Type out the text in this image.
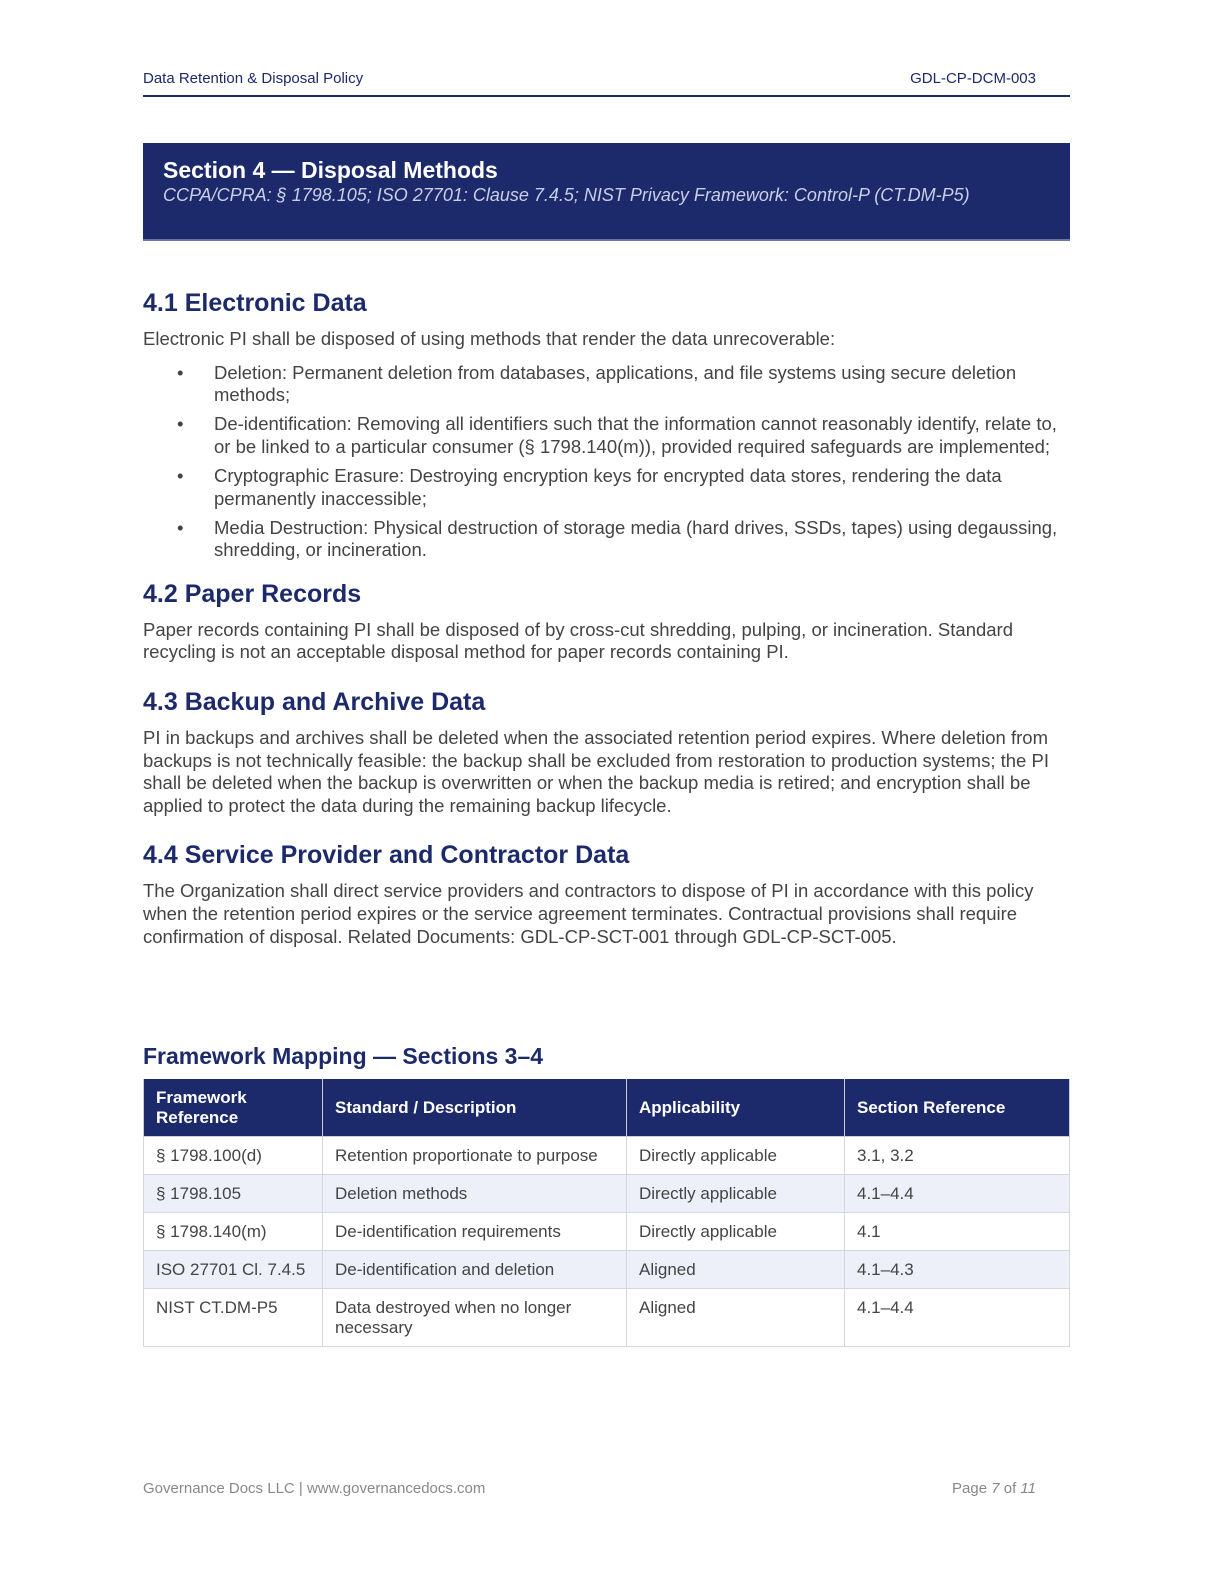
Data Retention & Disposal Policy	GDL-CP-DCM-003
Section 4 — Disposal Methods
CCPA/CPRA: § 1798.105; ISO 27701: Clause 7.4.5; NIST Privacy Framework: Control-P (CT.DM-P5)
4.1 Electronic Data

Electronic PI shall be disposed of using methods that render the data unrecoverable:

• Deletion: Permanent deletion from databases, applications, and file systems using secure deletion methods;
• De-identification: Removing all identifiers such that the information cannot reasonably identify, relate to, or be linked to a particular consumer (§ 1798.140(m)), provided required safeguards are implemented;
• Cryptographic Erasure: Destroying encryption keys for encrypted data stores, rendering the data permanently inaccessible;
• Media Destruction: Physical destruction of storage media (hard drives, SSDs, tapes) using degaussing, shredding, or incineration.
4.2 Paper Records

Paper records containing PI shall be disposed of by cross-cut shredding, pulping, or incineration. Standard recycling is not an acceptable disposal method for paper records containing PI.

4.3 Backup and Archive Data

PI in backups and archives shall be deleted when the associated retention period expires. Where deletion from backups is not technically feasible: the backup shall be excluded from restoration to production systems; the PI shall be deleted when the backup is overwritten or when the backup media is retired; and encryption shall be applied to protect the data during the remaining backup lifecycle.

4.4 Service Provider and Contractor Data

The Organization shall direct service providers and contractors to dispose of PI in accordance with this policy when the retention period expires or the service agreement terminates. Contractual provisions shall require confirmation of disposal. Related Documents: GDL-CP-SCT-001 through GDL-CP-SCT-005.

Framework Mapping — Sections 3–4
Framework Reference	Standard / Description	Applicability	Section Reference
§ 1798.100(d)	Retention proportionate to purpose	Directly applicable	3.1, 3.2
§ 1798.105	Deletion methods	Directly applicable	4.1–4.4
§ 1798.140(m)	De-identification requirements	Directly applicable	4.1
ISO 27701 Cl. 7.4.5	De-identification and deletion	Aligned	4.1–4.3
NIST CT.DM-P5	Data destroyed when no longer necessary	Aligned	4.1–4.4
Governance Docs LLC | www.governancedocs.com	Page 7 of 11
